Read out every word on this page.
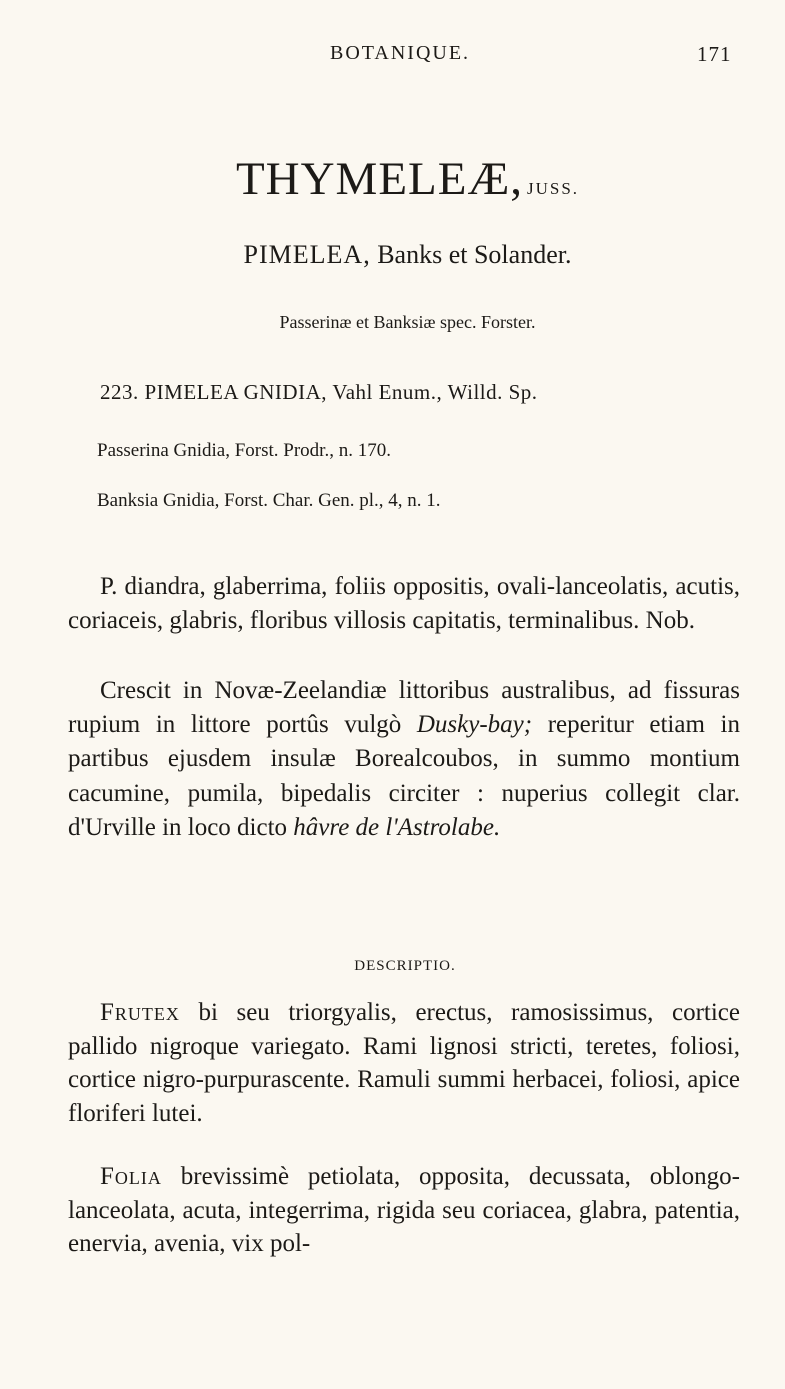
BOTANIQUE.	171
THYMELEÆ, JUSS.
PIMELEA, Banks et Solander.
Passerinæ et Banksiæ spec. Forster.
223. PIMELEA GNIDIA, Vahl Enum., Willd. Sp.
Passerina Gnidia, Forst. Prodr., n. 170.
Banksia Gnidia, Forst. Char. Gen. pl., 4, n. 1.

P. diandra, glaberrima, foliis oppositis, ovali-lanceolatis, acutis, coriaceis, glabris, floribus villosis capitatis, terminalibus. Nob.

Crescit in Novæ-Zeelandiæ littoribus australibus, ad fissuras rupium in littore portûs vulgò Dusky-bay; reperitur etiam in partibus ejusdem insulæ Borealcoubos, in summo montium cacumine, pumila, bipedalis circiter : nuperius collegit clar. d'Urville in loco dicto hâvre de l'Astrolabe.

DESCRIPTIO.

Frutex bi seu triorgyalis, erectus, ramosissimus, cortice pallido nigroque variegato. Rami lignosi stricti, teretes, foliosi, cortice nigro-purpurascente. Ramuli summi herbacei, foliosi, apice floriferi lutei.

Folia brevissimè petiolata, opposita, decussata, oblongo-lanceolata, acuta, integerrima, rigida seu coriacea, glabra, patentia, enervia, avenia, vix pol-
